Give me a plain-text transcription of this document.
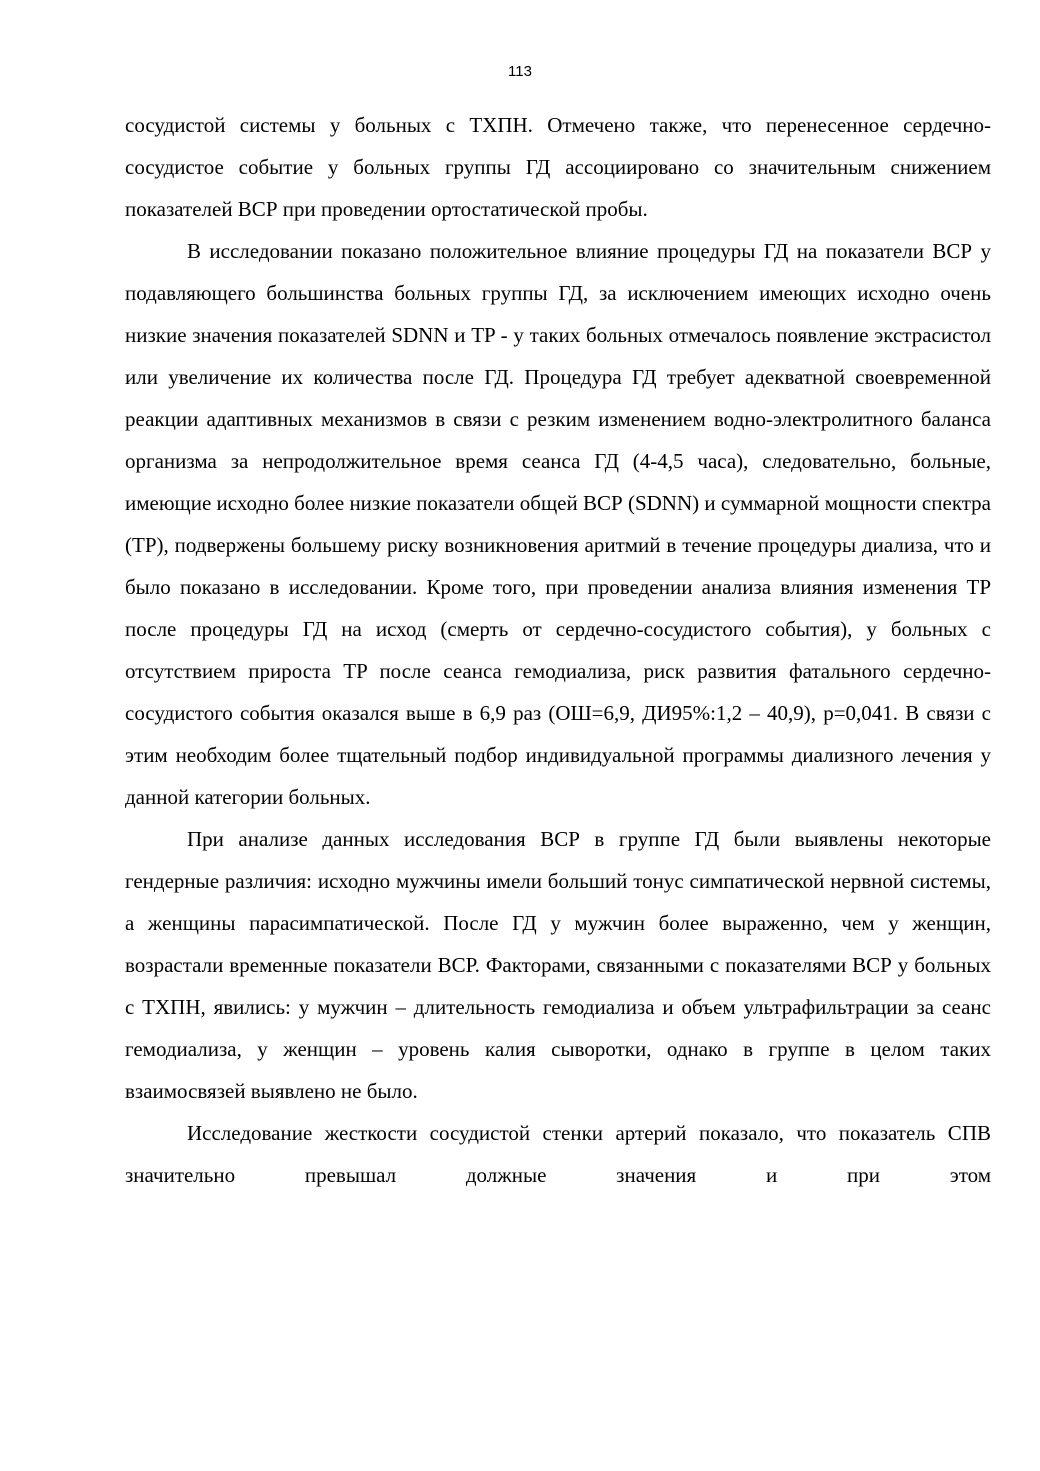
113

сосудистой системы у больных с ТХПН. Отмечено также, что перенесенное сердечно-сосудистое событие у больных группы ГД ассоциировано со значительным снижением показателей ВСР при проведении ортостатической пробы.

В исследовании показано положительное влияние процедуры ГД на показатели ВСР у подавляющего большинства больных группы ГД, за исключением имеющих исходно очень низкие значения показателей SDNN и TP - у таких больных отмечалось появление экстрасистол или увеличение их количества после ГД. Процедура ГД требует адекватной своевременной реакции адаптивных механизмов в связи с резким изменением водно-электролитного баланса организма за непродолжительное время сеанса ГД (4-4,5 часа), следовательно, больные, имеющие исходно более низкие показатели общей ВСР (SDNN) и суммарной мощности спектра (TP), подвержены большему риску возникновения аритмий в течение процедуры диализа, что и было показано в исследовании. Кроме того, при проведении анализа влияния изменения TP после процедуры ГД на исход (смерть от сердечно-сосудистого события), у больных с отсутствием прироста TP после сеанса гемодиализа, риск развития фатального сердечно-сосудистого события оказался выше в 6,9 раз (ОШ=6,9, ДИ95%:1,2 – 40,9), p=0,041. В связи с этим необходим более тщательный подбор индивидуальной программы диализного лечения у данной категории больных.

При анализе данных исследования ВСР в группе ГД были выявлены некоторые гендерные различия: исходно мужчины имели больший тонус симпатической нервной системы, а женщины парасимпатической. После ГД у мужчин более выраженно, чем у женщин, возрастали временные показатели ВСР. Факторами, связанными с показателями ВСР у больных с ТХПН, явились: у мужчин – длительность гемодиализа и объем ультрафильтрации за сеанс гемодиализа, у женщин – уровень калия сыворотки, однако в группе в целом таких взаимосвязей выявлено не было.

Исследование жесткости сосудистой стенки артерий показало, что показатель СПВ значительно превышал должные значения и при этом
